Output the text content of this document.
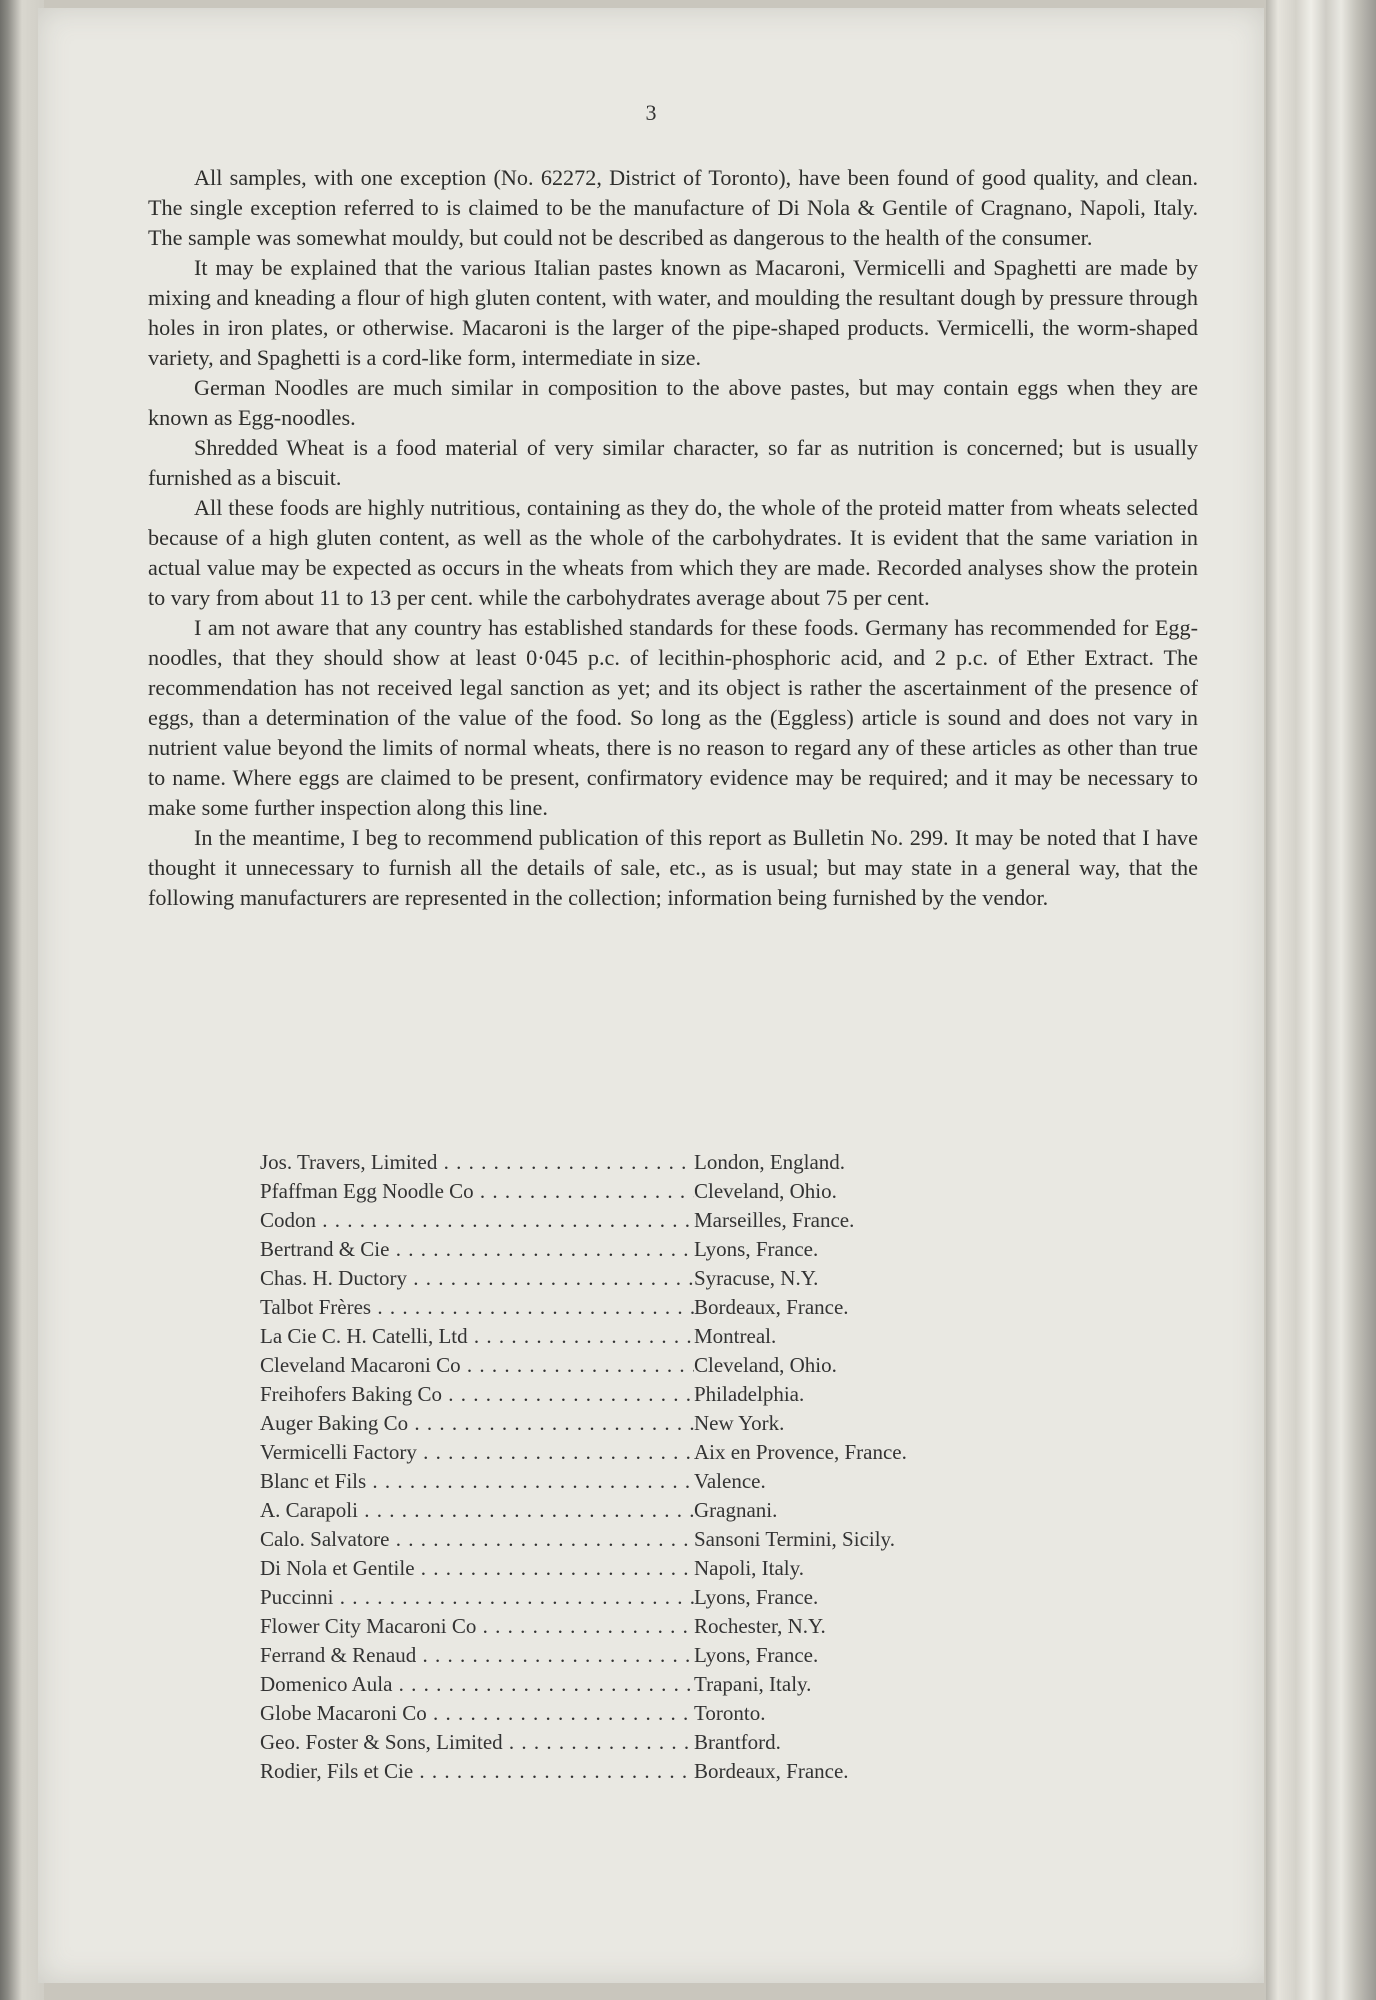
3

All samples, with one exception (No. 62272, District of Toronto), have been found of good quality, and clean. The single exception referred to is claimed to be the manufacture of Di Nola & Gentile of Cragnano, Napoli, Italy. The sample was somewhat mouldy, but could not be described as dangerous to the health of the consumer.

It may be explained that the various Italian pastes known as Macaroni, Vermicelli and Spaghetti are made by mixing and kneading a flour of high gluten content, with water, and moulding the resultant dough by pressure through holes in iron plates, or otherwise. Macaroni is the larger of the pipe-shaped products. Vermicelli, the worm-shaped variety, and Spaghetti is a cord-like form, intermediate in size.

German Noodles are much similar in composition to the above pastes, but may contain eggs when they are known as Egg-noodles.

Shredded Wheat is a food material of very similar character, so far as nutrition is concerned; but is usually furnished as a biscuit.

All these foods are highly nutritious, containing as they do, the whole of the proteid matter from wheats selected because of a high gluten content, as well as the whole of the carbohydrates. It is evident that the same variation in actual value may be expected as occurs in the wheats from which they are made. Recorded analyses show the protein to vary from about 11 to 13 per cent. while the carbohydrates average about 75 per cent.

I am not aware that any country has established standards for these foods. Germany has recommended for Egg-noodles, that they should show at least 0·045 p.c. of lecithin-phosphoric acid, and 2 p.c. of Ether Extract. The recommendation has not received legal sanction as yet; and its object is rather the ascertainment of the presence of eggs, than a determination of the value of the food. So long as the (Eggless) article is sound and does not vary in nutrient value beyond the limits of normal wheats, there is no reason to regard any of these articles as other than true to name. Where eggs are claimed to be present, confirmatory evidence may be required; and it may be necessary to make some further inspection along this line.

In the meantime, I beg to recommend publication of this report as Bulletin No. 299. It may be noted that I have thought it unnecessary to furnish all the details of sale, etc., as is usual; but may state in a general way, that the following manufacturers are represented in the collection; information being furnished by the vendor.

Jos. Travers, Limited . . .	London, England.
Pfaffman Egg Noodle Co . . .	Cleveland, Ohio.
Codon . . .	Marseilles, France.
Bertrand & Cie . . .	Lyons, France.
Chas. H. Ductory . . .	Syracuse, N.Y.
Talbot Frères . . .	Bordeaux, France.
La Cie C. H. Catelli, Ltd . . .	Montreal.
Cleveland Macaroni Co . . .	Cleveland, Ohio.
Freihofers Baking Co . . .	Philadelphia.
Auger Baking Co . . .	New York.
Vermicelli Factory . . .	Aix en Provence, France.
Blanc et Fils . . .	Valence.
A. Carapoli . . .	Gragnani.
Calo. Salvatore . . .	Sansoni Termini, Sicily.
Di Nola et Gentile . . .	Napoli, Italy.
Puccinni . . .	Lyons, France.
Flower City Macaroni Co . . .	Rochester, N.Y.
Ferrand & Renaud . . .	Lyons, France.
Domenico Aula . . .	Trapani, Italy.
Globe Macaroni Co . . .	Toronto.
Geo. Foster & Sons, Limited . . .	Brantford.
Rodier, Fils et Cie . . .	Bordeaux, France.
